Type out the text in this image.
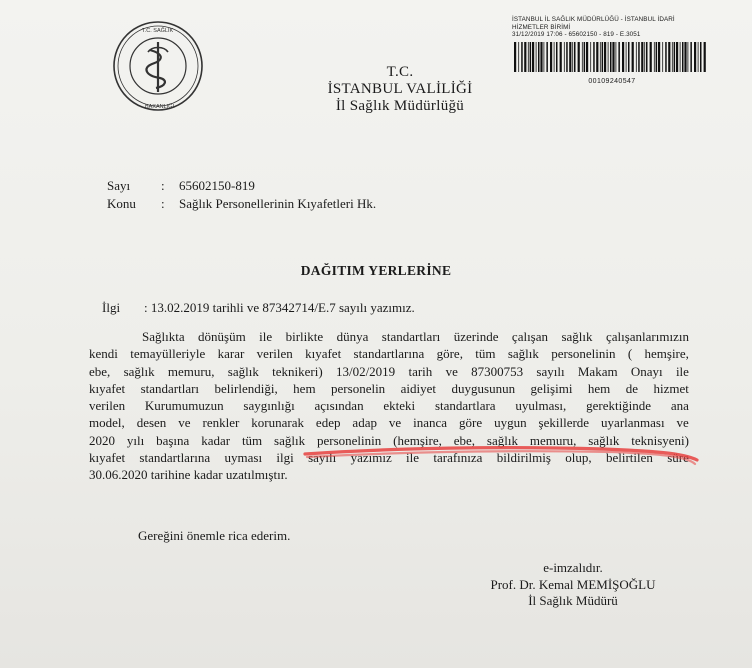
T.C. SAĞLIK
BAKANLIĞI
T.C.
İSTANBUL VALİLİĞİ
İl Sağlık Müdürlüğü
İSTANBUL İL SAĞLIK MÜDÜRLÜĞÜ - İSTANBUL İDARİ
HİZMETLER BİRİMİ
31/12/2019 17:06 - 65602150 - 819 - E.3051
00109240547
Sayı	:	65602150-819
Konu	:	Sağlık Personellerinin Kıyafetleri Hk.
DAĞITIM YERLERİNE
İlgi : 13.02.2019 tarihli ve 87342714/E.7 sayılı yazımız.
Sağlıkta dönüşüm ile birlikte dünya standartları üzerinde çalışan sağlık çalışanlarımızın
kendi temayülleriyle karar verilen kıyafet standartlarına göre, tüm sağlık personelinin ( hemşire,
ebe, sağlık memuru, sağlık teknikeri) 13/02/2019 tarih ve 87300753 sayılı Makam Onayı ile
kıyafet standartları belirlendiği, hem personelin aidiyet duygusunun gelişimi hem de hizmet
verilen Kurumumuzun saygınlığı açısından ekteki standartlara uyulması, gerektiğinde ana
model, desen ve renkler korunarak edep adap ve inanca göre uygun şekillerde uyarlanması ve
2020 yılı başına kadar tüm sağlık personelinin (hemşire, ebe, sağlık memuru, sağlık teknisyeni)
kıyafet standartlarına uyması ilgi sayılı yazımız ile tarafınıza bildirilmiş olup, belirtilen süre
30.06.2020 tarihine kadar uzatılmıştır.
Gereğini önemle rica ederim.
e-imzalıdır.
Prof. Dr. Kemal MEMİŞOĞLU
İl Sağlık Müdürü
